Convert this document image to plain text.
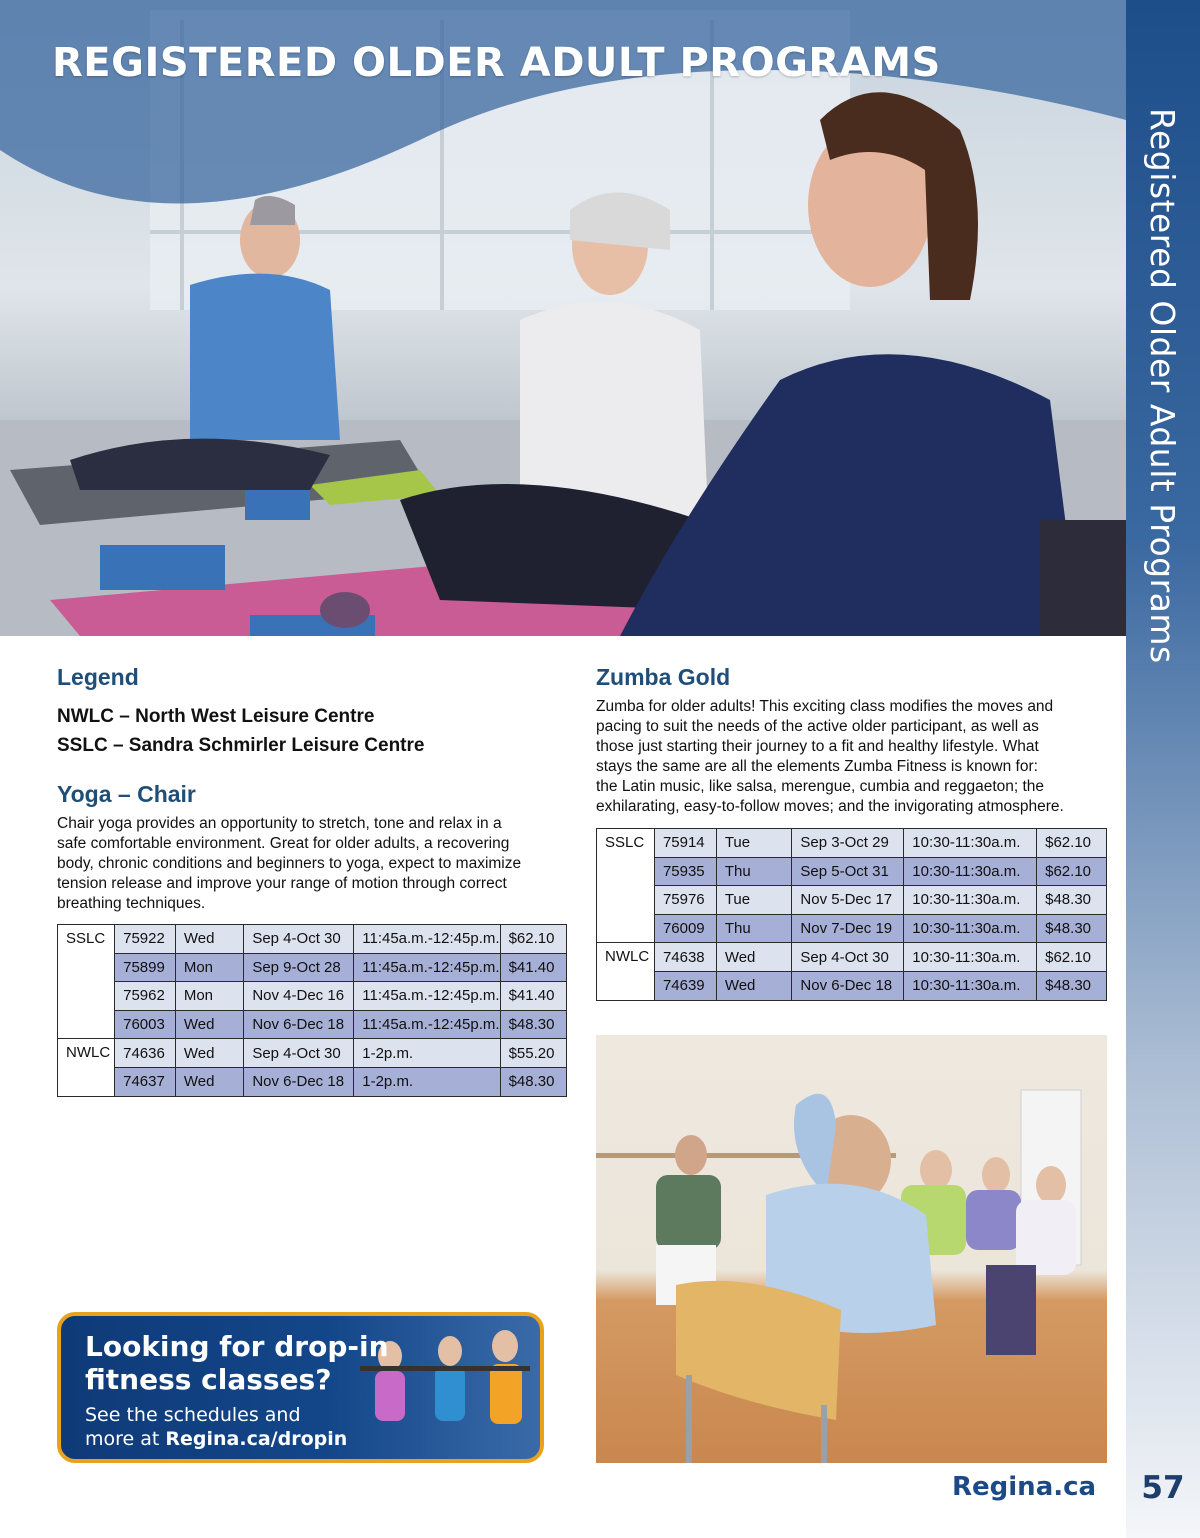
REGISTERED OLDER ADULT PROGRAMS
Registered Older Adult Programs
57
Regina.ca
Legend
NWLC – North West Leisure Centre
SSLC – Sandra Schmirler Leisure Centre
Yoga – Chair
Chair yoga provides an opportunity to stretch, tone and relax in a
safe comfortable environment. Great for older adults, a recovering
body, chronic conditions and beginners to yoga, expect to maximize
tension release and improve your range of motion through correct
breathing techniques.
SSLC	75922	Wed	Sep 4-Oct 30	11:45a.m.-12:45p.m.	$62.10
	75899	Mon	Sep 9-Oct 28	11:45a.m.-12:45p.m.	$41.40
	75962	Mon	Nov 4-Dec 16	11:45a.m.-12:45p.m.	$41.40
	76003	Wed	Nov 6-Dec 18	11:45a.m.-12:45p.m.	$48.30
NWLC	74636	Wed	Sep 4-Oct 30	1-2p.m.	$55.20
	74637	Wed	Nov 6-Dec 18	1-2p.m.	$48.30
Zumba Gold
Zumba for older adults! This exciting class modifies the moves and
pacing to suit the needs of the active older participant, as well as
those just starting their journey to a fit and healthy lifestyle. What
stays the same are all the elements Zumba Fitness is known for:
the Latin music, like salsa, merengue, cumbia and reggaeton; the
exhilarating, easy-to-follow moves; and the invigorating atmosphere.
SSLC	75914	Tue	Sep 3-Oct 29	10:30-11:30a.m.	$62.10
	75935	Thu	Sep 5-Oct 31	10:30-11:30a.m.	$62.10
	75976	Tue	Nov 5-Dec 17	10:30-11:30a.m.	$48.30
	76009	Thu	Nov 7-Dec 19	10:30-11:30a.m.	$48.30
NWLC	74638	Wed	Sep 4-Oct 30	10:30-11:30a.m.	$62.10
	74639	Wed	Nov 6-Dec 18	10:30-11:30a.m.	$48.30
Looking for drop-in
fitness classes?
See the schedules and
more at Regina.ca/dropin
